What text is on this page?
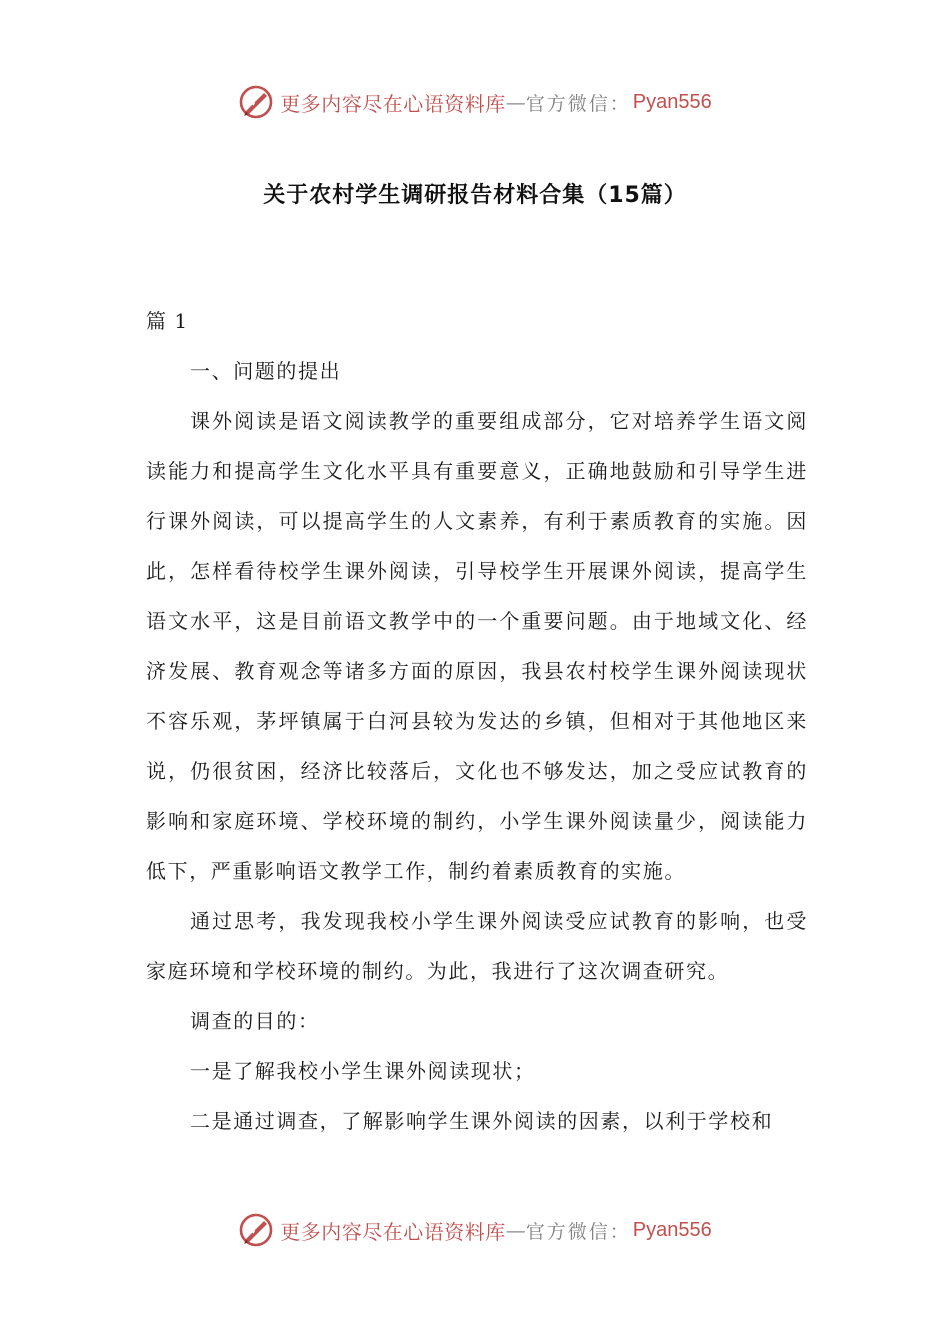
更多内容尽在心语资料库 — 官方微信： Pyan556
关于农村学生调研报告材料合集（15篇）

篇 1

一、问题的提出

课外阅读是语文阅读教学的重要组成部分，它对培养学生语文阅读能力和提高学生文化水平具有重要意义，正确地鼓励和引导学生进行课外阅读，可以提高学生的人文素养，有利于素质教育的实施。因此，怎样看待校学生课外阅读，引导校学生开展课外阅读，提高学生语文水平，这是目前语文教学中的一个重要问题。由于地域文化、经济发展、教育观念等诸多方面的原因，我县农村校学生课外阅读现状不容乐观，茅坪镇属于白河县较为发达的乡镇，但相对于其他地区来说，仍很贫困，经济比较落后，文化也不够发达，加之受应试教育的影响和家庭环境、学校环境的制约，小学生课外阅读量少，阅读能力低下，严重影响语文教学工作，制约着素质教育的实施。

通过思考，我发现我校小学生课外阅读受应试教育的影响，也受家庭环境和学校环境的制约。为此，我进行了这次调查研究。

调查的目的：

一是了解我校小学生课外阅读现状；

二是通过调查，了解影响学生课外阅读的因素，以利于学校和

更多内容尽在心语资料库 — 官方微信： Pyan556
